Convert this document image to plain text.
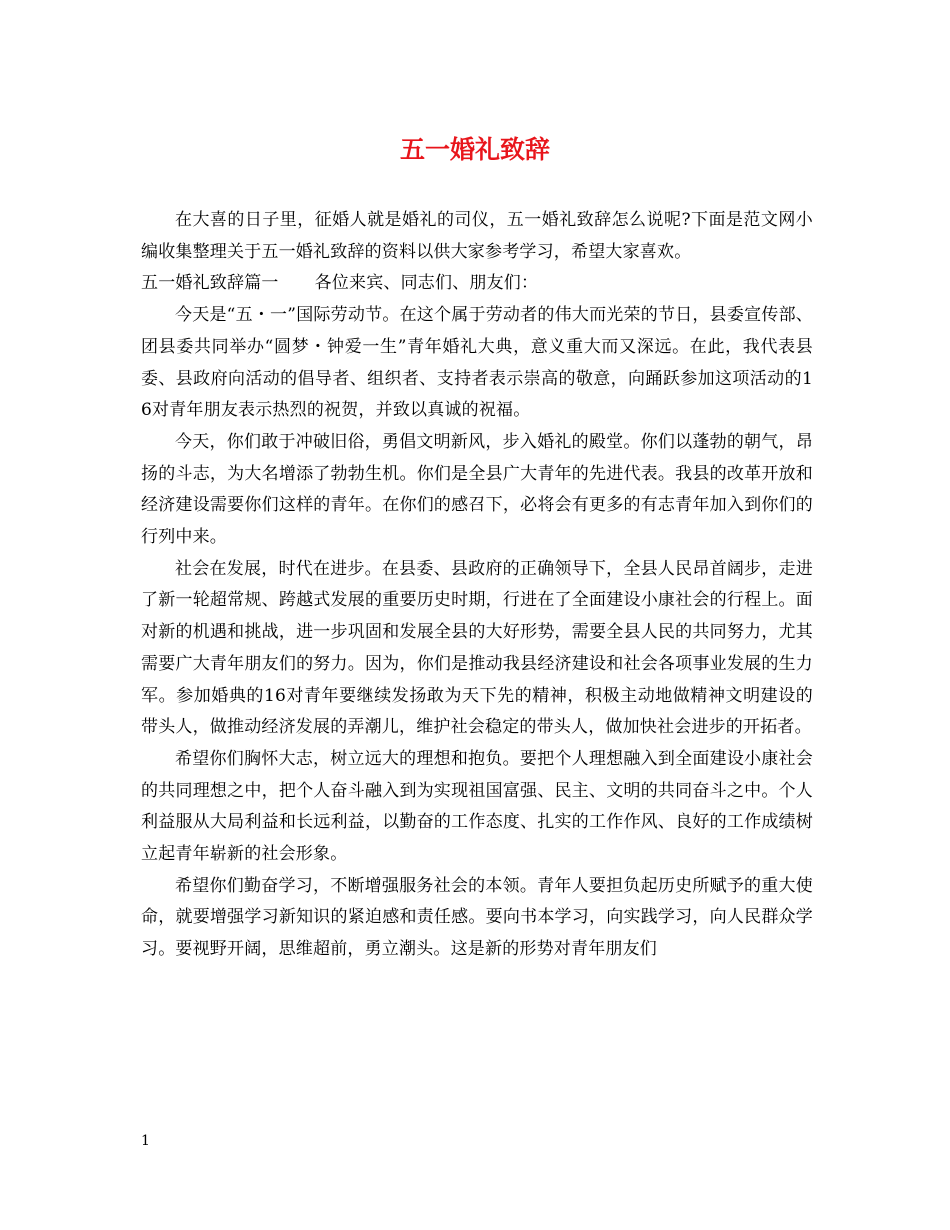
五一婚礼致辞

在大喜的日子里，征婚人就是婚礼的司仪，五一婚礼致辞怎么说呢?下面是范文网小编收集整理关于五一婚礼致辞的资料以供大家参考学习，希望大家喜欢。

五一婚礼致辞篇一 各位来宾、同志们、朋友们：

今天是“五・一”国际劳动节。在这个属于劳动者的伟大而光荣的节日，县委宣传部、团县委共同举办“圆梦・钟爱一生”青年婚礼大典，意义重大而又深远。在此，我代表县委、县政府向活动的倡导者、组织者、支持者表示崇高的敬意，向踊跃参加这项活动的16对青年朋友表示热烈的祝贺，并致以真诚的祝福。

今天，你们敢于冲破旧俗，勇倡文明新风，步入婚礼的殿堂。你们以蓬勃的朝气，昂扬的斗志，为大名增添了勃勃生机。你们是全县广大青年的先进代表。我县的改革开放和经济建设需要你们这样的青年。在你们的感召下，必将会有更多的有志青年加入到你们的行列中来。

社会在发展，时代在进步。在县委、县政府的正确领导下，全县人民昂首阔步，走进了新一轮超常规、跨越式发展的重要历史时期，行进在了全面建设小康社会的行程上。面对新的机遇和挑战，进一步巩固和发展全县的大好形势，需要全县人民的共同努力，尤其需要广大青年朋友们的努力。因为，你们是推动我县经济建设和社会各项事业发展的生力军。参加婚典的16对青年要继续发扬敢为天下先的精神，积极主动地做精神文明建设的带头人，做推动经济发展的弄潮儿，维护社会稳定的带头人，做加快社会进步的开拓者。

希望你们胸怀大志，树立远大的理想和抱负。要把个人理想融入到全面建设小康社会的共同理想之中，把个人奋斗融入到为实现祖国富强、民主、文明的共同奋斗之中。个人利益服从大局利益和长远利益，以勤奋的工作态度、扎实的工作作风、良好的工作成绩树立起青年崭新的社会形象。

希望你们勤奋学习，不断增强服务社会的本领。青年人要担负起历史所赋予的重大使命，就要增强学习新知识的紧迫感和责任感。要向书本学习，向实践学习，向人民群众学习。要视野开阔，思维超前，勇立潮头。这是新的形势对青年朋友们

1
